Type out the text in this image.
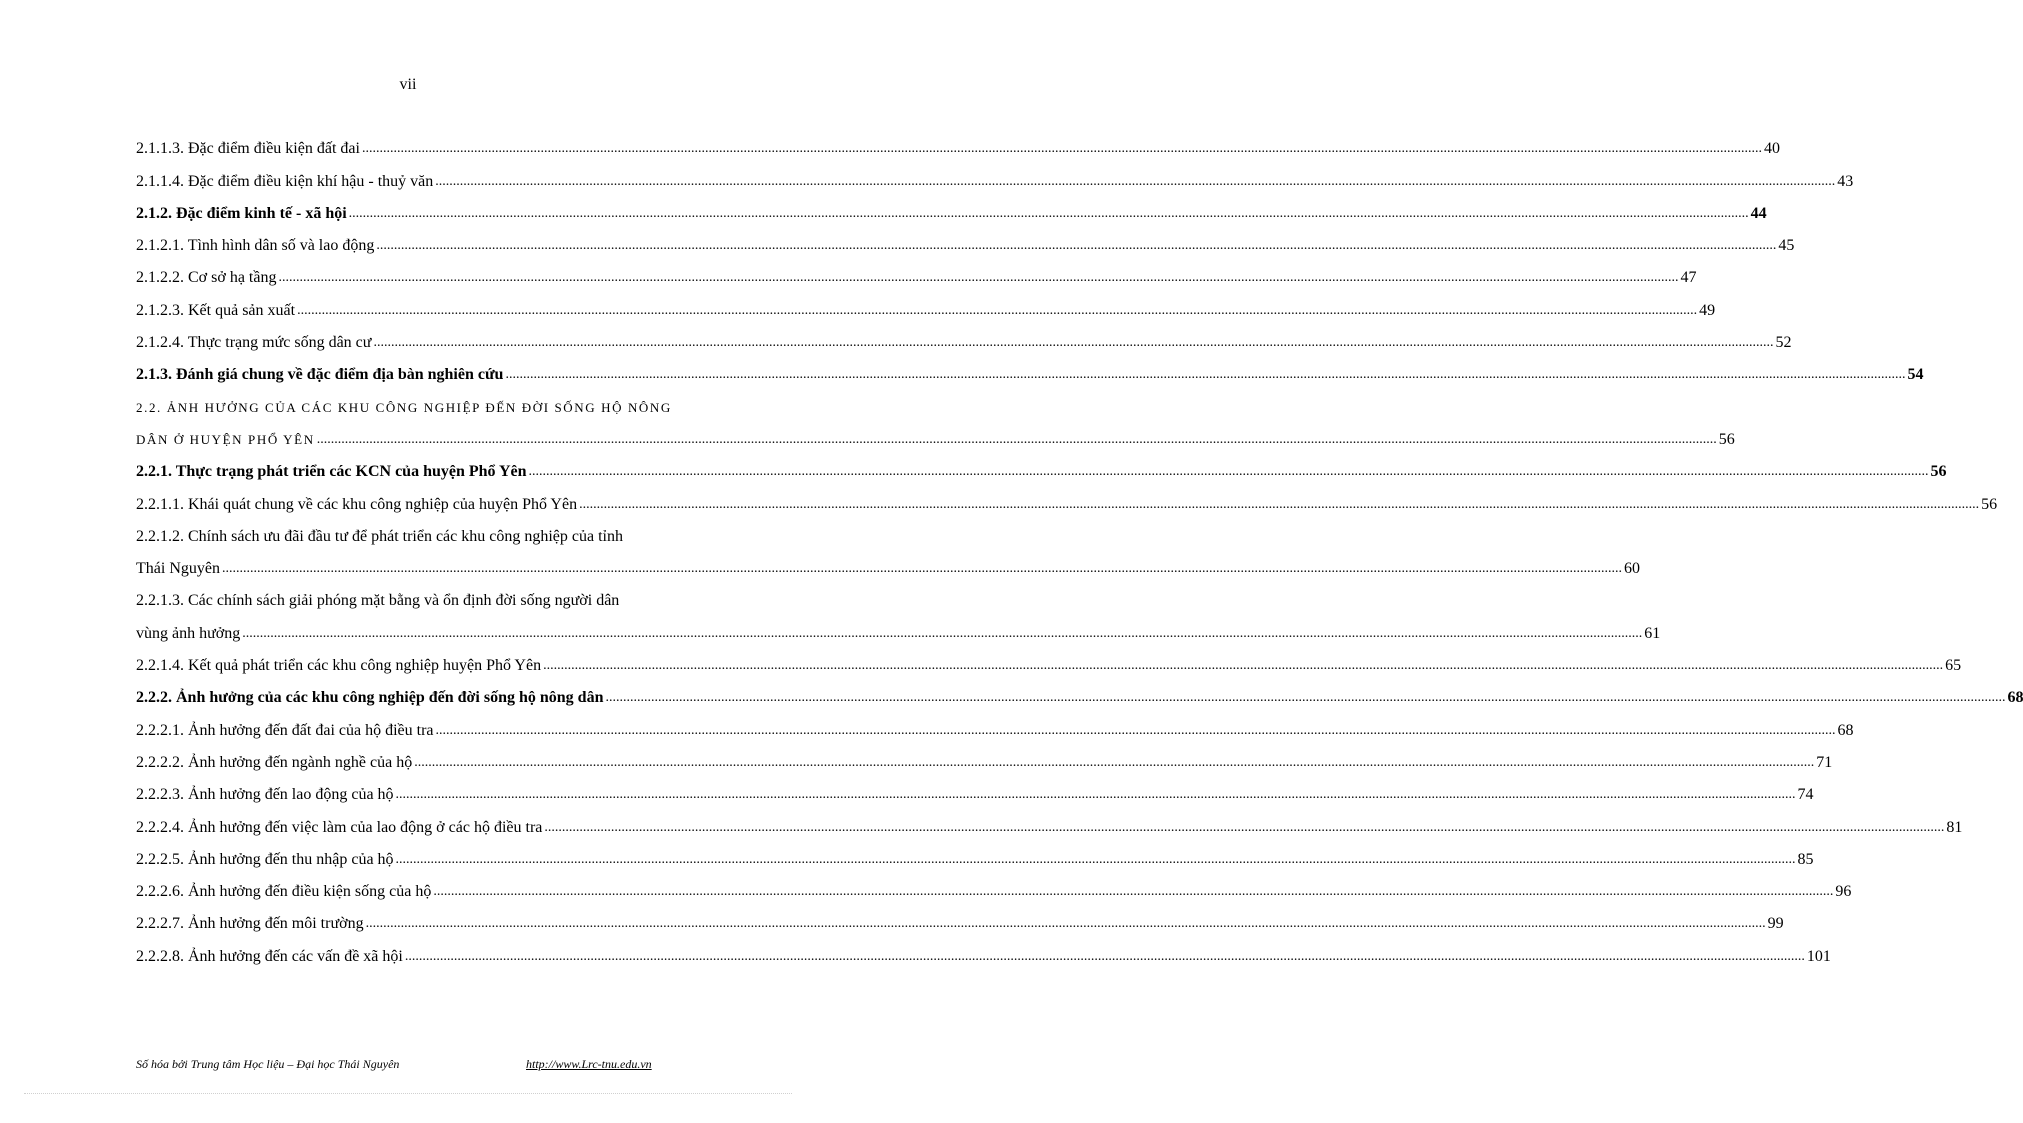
vii
2.1.1.3. Đặc điểm điều kiện đất đai ................................................................................................................................................................................................................................................................................................................................................................................................................ 40
2.1.1.4. Đặc điểm điều kiện khí hậu - thuỷ văn ................................................................................................................................................................................................................................................................................................................................................................................................................ 43
2.1.2. Đặc điểm kinh tế - xã hội ................................................................................................................................................................................................................................................................................................................................................................................................................ 44
2.1.2.1. Tình hình dân số và lao động ................................................................................................................................................................................................................................................................................................................................................................................................................ 45
2.1.2.2. Cơ sở hạ tầng ................................................................................................................................................................................................................................................................................................................................................................................................................ 47
2.1.2.3. Kết quả sản xuất ................................................................................................................................................................................................................................................................................................................................................................................................................ 49
2.1.2.4. Thực trạng mức sống dân cư ................................................................................................................................................................................................................................................................................................................................................................................................................ 52
2.1.3. Đánh giá chung về đặc điểm địa bàn nghiên cứu ................................................................................................................................................................................................................................................................................................................................................................................................................ 54
2.2. ẢNH HƯỞNG CỦA CÁC KHU CÔNG NGHIỆP ĐẾN ĐỜI SỐNG HỘ NÔNG
DÂN Ở HUYỆN PHỔ YÊN ................................................................................................................................................................................................................................................................................................................................................................................................................ 56
2.2.1. Thực trạng phát triển các KCN của huyện Phổ Yên ................................................................................................................................................................................................................................................................................................................................................................................................................ 56
2.2.1.1. Khái quát chung về các khu công nghiệp của huyện Phổ Yên ................................................................................................................................................................................................................................................................................................................................................................................................................ 56
2.2.1.2. Chính sách ưu đãi đầu tư để phát triển các khu công nghiệp của tỉnh
Thái Nguyên ................................................................................................................................................................................................................................................................................................................................................................................................................ 60
2.2.1.3. Các chính sách giải phóng mặt bằng và ổn định đời sống người dân
vùng ảnh hưởng ................................................................................................................................................................................................................................................................................................................................................................................................................ 61
2.2.1.4. Kết quả phát triển các khu công nghiệp huyện Phổ Yên ................................................................................................................................................................................................................................................................................................................................................................................................................ 65
2.2.2. Ảnh hưởng của các khu công nghiệp đến đời sống hộ nông dân ................................................................................................................................................................................................................................................................................................................................................................................................................ 68
2.2.2.1. Ảnh hưởng đến đất đai của hộ điều tra ................................................................................................................................................................................................................................................................................................................................................................................................................ 68
2.2.2.2. Ảnh hưởng đến ngành nghề của hộ ................................................................................................................................................................................................................................................................................................................................................................................................................ 71
2.2.2.3. Ảnh hưởng đến lao động của hộ ................................................................................................................................................................................................................................................................................................................................................................................................................ 74
2.2.2.4. Ảnh hưởng đến việc làm của lao động ở các hộ điều tra ................................................................................................................................................................................................................................................................................................................................................................................................................ 81
2.2.2.5. Ảnh hưởng đến thu nhập của hộ ................................................................................................................................................................................................................................................................................................................................................................................................................ 85
2.2.2.6. Ảnh hưởng đến điều kiện sống của hộ ................................................................................................................................................................................................................................................................................................................................................................................................................ 96
2.2.2.7. Ảnh hưởng đến môi trường ................................................................................................................................................................................................................................................................................................................................................................................................................ 99
2.2.2.8. Ảnh hưởng đến các vấn đề xã hội ................................................................................................................................................................................................................................................................................................................................................................................................................ 101
Số hóa bởi Trung tâm Học liệu – Đại học Thái Nguyên	http://www.Lrc-tnu.edu.vn
